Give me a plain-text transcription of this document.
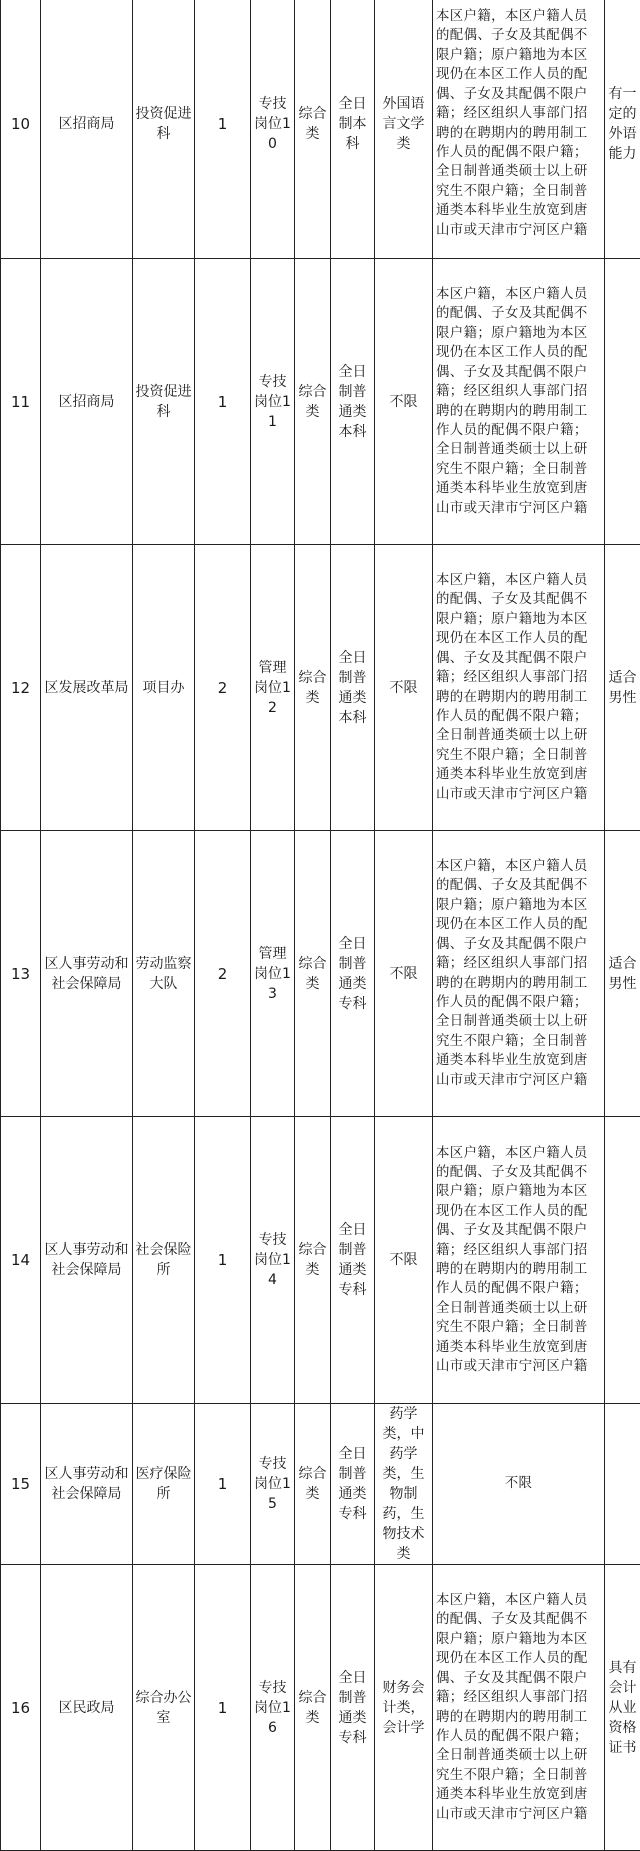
10	区招商局	投资促进科	1	专技岗位10	综合类	全日制本科	外国语言文学类	本区户籍，本区户籍人员的配偶、子女及其配偶不限户籍；原户籍地为本区现仍在本区工作人员的配偶、子女及其配偶不限户籍；经区组织人事部门招聘的在聘期内的聘用制工作人员的配偶不限户籍；全日制普通类硕士以上研究生不限户籍；全日制普通类本科毕业生放宽到唐山市或天津市宁河区户籍	有一定的外语能力
11	区招商局	投资促进科	1	专技岗位11	综合类	全日制普通类本科	不限	本区户籍，本区户籍人员的配偶、子女及其配偶不限户籍；原户籍地为本区现仍在本区工作人员的配偶、子女及其配偶不限户籍；经区组织人事部门招聘的在聘期内的聘用制工作人员的配偶不限户籍；全日制普通类硕士以上研究生不限户籍；全日制普通类本科毕业生放宽到唐山市或天津市宁河区户籍	
12	区发展改革局	项目办	2	管理岗位12	综合类	全日制普通类本科	不限	本区户籍，本区户籍人员的配偶、子女及其配偶不限户籍；原户籍地为本区现仍在本区工作人员的配偶、子女及其配偶不限户籍；经区组织人事部门招聘的在聘期内的聘用制工作人员的配偶不限户籍；全日制普通类硕士以上研究生不限户籍；全日制普通类本科毕业生放宽到唐山市或天津市宁河区户籍	适合男性
13	区人事劳动和社会保障局	劳动监察大队	2	管理岗位13	综合类	全日制普通类专科	不限	本区户籍，本区户籍人员的配偶、子女及其配偶不限户籍；原户籍地为本区现仍在本区工作人员的配偶、子女及其配偶不限户籍；经区组织人事部门招聘的在聘期内的聘用制工作人员的配偶不限户籍；全日制普通类硕士以上研究生不限户籍；全日制普通类本科毕业生放宽到唐山市或天津市宁河区户籍	适合男性
14	区人事劳动和社会保障局	社会保险所	1	专技岗位14	综合类	全日制普通类专科	不限	本区户籍，本区户籍人员的配偶、子女及其配偶不限户籍；原户籍地为本区现仍在本区工作人员的配偶、子女及其配偶不限户籍；经区组织人事部门招聘的在聘期内的聘用制工作人员的配偶不限户籍；全日制普通类硕士以上研究生不限户籍；全日制普通类本科毕业生放宽到唐山市或天津市宁河区户籍	
15	区人事劳动和社会保障局	医疗保险所	1	专技岗位15	综合类	全日制普通类专科	药学类，中药学类，生物制药，生物技术类	不限	
16	区民政局	综合办公室	1	专技岗位16	综合类	全日制普通类专科	财务会计类，会计学	本区户籍，本区户籍人员的配偶、子女及其配偶不限户籍；原户籍地为本区现仍在本区工作人员的配偶、子女及其配偶不限户籍；经区组织人事部门招聘的在聘期内的聘用制工作人员的配偶不限户籍；全日制普通类硕士以上研究生不限户籍；全日制普通类本科毕业生放宽到唐山市或天津市宁河区户籍	具有会计从业资格证书
